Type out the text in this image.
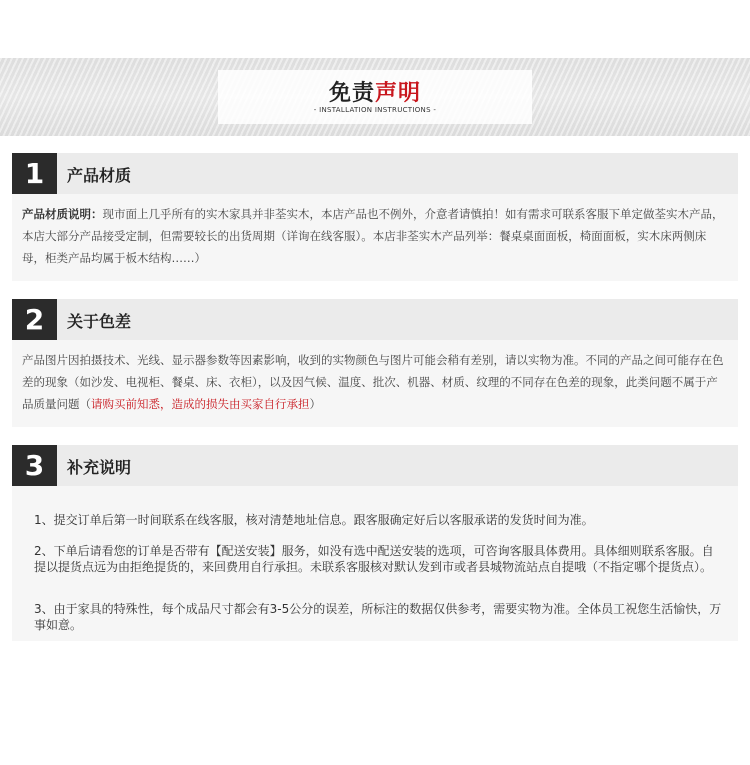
免责声明
- INSTALLATION INSTRUCTIONS -
1	产品材质
产品材质说明：现市面上几乎所有的实木家具并非荃实木，本店产品也不例外，介意者请慎拍！如有需求可联系客服下单定做荃实木产品，本店大部分产品接受定制，但需要较长的出货周期（详询在线客服）。本店非荃实木产品列举：餐桌桌面面板，椅面面板，实木床两侧床母，柜类产品均属于板木结构……）
2	关于色差
产品图片因拍摄技术、光线、显示器参数等因素影响，收到的实物颜色与图片可能会稍有差别，请以实物为准。不同的产品之间可能存在色差的现象（如沙发、电视柜、餐桌、床、衣柜），以及因气候、温度、批次、机器、材质、纹理的不同存在色差的现象，此类问题不属于产品质量问题（请购买前知悉，造成的损失由买家自行承担）
3	补充说明
1、提交订单后第一时间联系在线客服，核对清楚地址信息。跟客服确定好后以客服承诺的发货时间为准。
2、下单后请看您的订单是否带有【配送安装】服务，如没有选中配送安装的选项，可咨询客服具体费用。具体细则联系客服。自提以提货点远为由拒绝提货的，来回费用自行承担。未联系客服核对默认发到市或者县城物流站点自提哦（不指定哪个提货点）。
3、由于家具的特殊性，每个成品尺寸都会有3-5公分的误差，所标注的数据仅供参考，需要实物为准。全体员工祝您生活愉快，万事如意。
